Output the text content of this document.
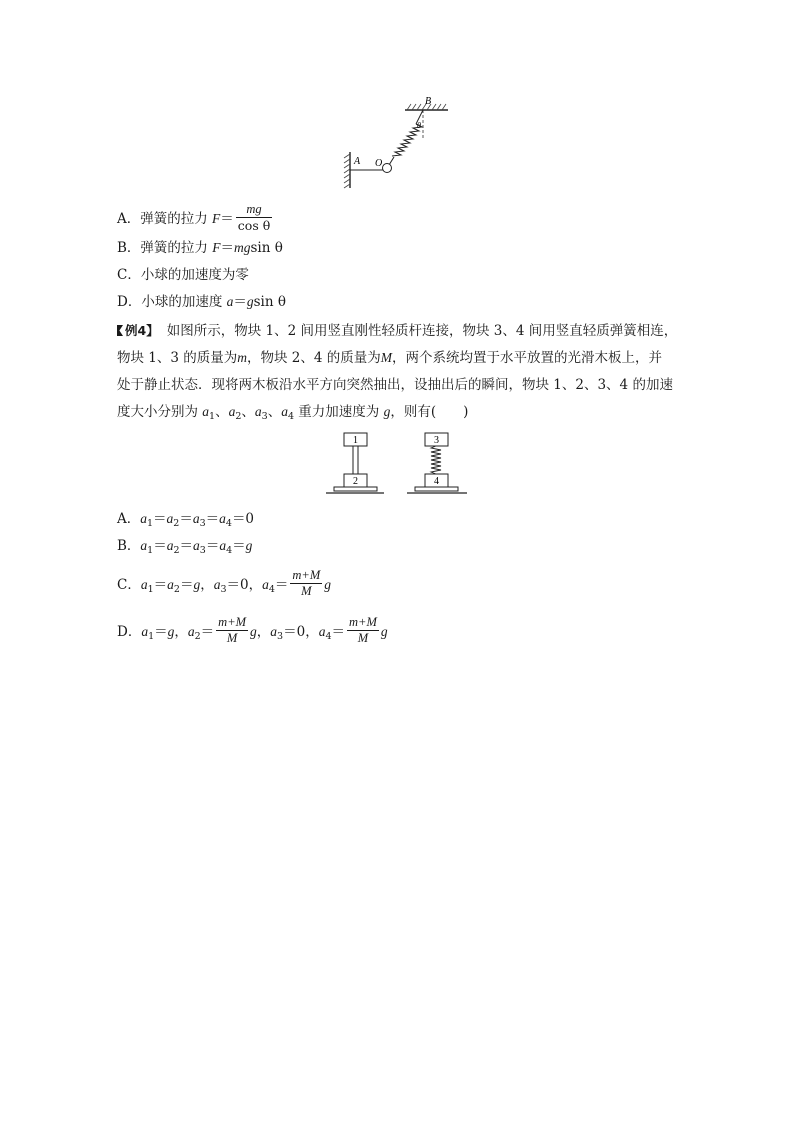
B
A O
θ
A．弹簧的拉力 $F= \frac{mg}{\text{cos θ}}$
B．弹簧的拉力 F＝mgsin θ
C．小球的加速度为零
D．小球的加速度 a＝gsin θ
例4】 如图所示，物块 1、2 间用竖直刚性轻质杆连接，物块 3、4 间用竖直轻质弹簧相连，
物块 1、3 的质量为m，物块 2、4 的质量为M，两个系统均置于水平放置的光滑木板上，并
处于静止状态．现将两木板沿水平方向突然抽出，设抽出后的瞬间，物块 1、2、3、4 的加速
度大小分别为 $a_1$、$a_2$、$a_3$、$a_4$ 重力加速度为 g，则有(　　)
1
2
3
4
A．$a_1=a_2=a_3=a_4=0$
B．$a_1=a_2=a_3=a_4=g$
C．$a_1=a_2=g$，$a_3=0$，$a_4= \frac{m+M}{M}$ g
D．$a_1=g$，$a_2= \frac{m+M}{M}$ g，$a_3=0$，$a_4= \frac{m+M}{M}$ g
